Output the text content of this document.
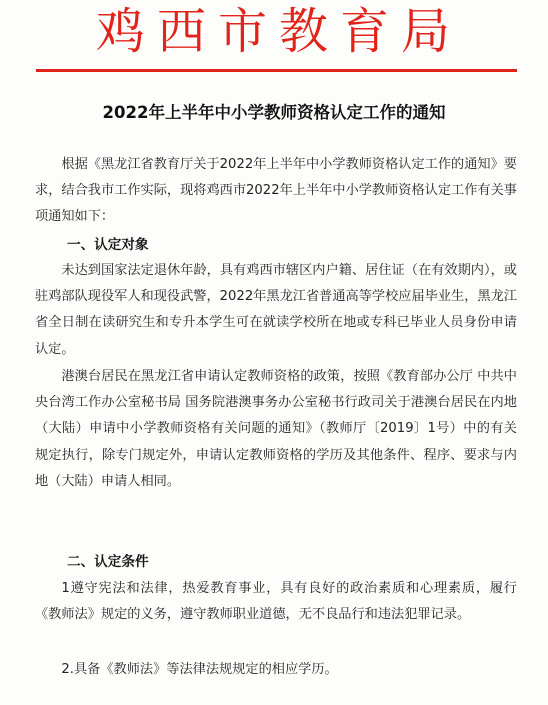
鸡西市教育局
2022年上半年中小学教师资格认定工作的通知

根据《黑龙江省教育厅关于2022年上半年中小学教师资格认定工作的通知》要求，结合我市工作实际，现将鸡西市2022年上半年中小学教师资格认定工作有关事项通知如下：

一、认定对象

未达到国家法定退休年龄，具有鸡西市辖区内户籍、居住证（在有效期内），或驻鸡部队现役军人和现役武警，2022年黑龙江省普通高等学校应届毕业生，黑龙江省全日制在读研究生和专升本学生可在就读学校所在地或专科已毕业人员身份申请认定。

港澳台居民在黑龙江省申请认定教师资格的政策，按照《教育部办公厅 中共中央台湾工作办公室秘书局 国务院港澳事务办公室秘书行政司关于港澳台居民在内地（大陆）申请中小学教师资格有关问题的通知》（教师厅〔2019〕1号）中的有关规定执行，除专门规定外，申请认定教师资格的学历及其他条件、程序、要求与内地（大陆）申请人相同。

二、认定条件

1遵守宪法和法律，热爱教育事业，具有良好的政治素质和心理素质，履行《教师法》规定的义务，遵守教师职业道德，无不良品行和违法犯罪记录。

2.具备《教师法》等法律法规规定的相应学历。
